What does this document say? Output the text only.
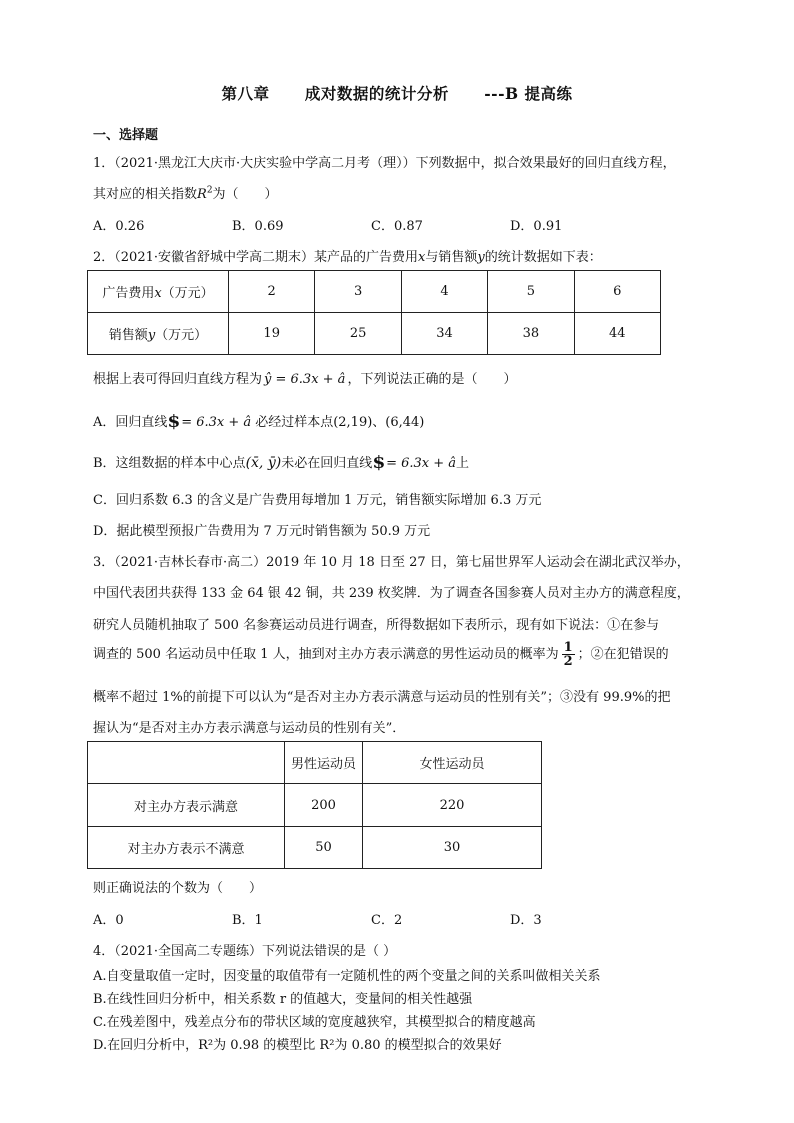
第八章 成对数据的统计分析 ---B 提高练
一、选择题
1．（2021·黑龙江大庆市·大庆实验中学高二月考（理））下列数据中，拟合效果最好的回归直线方程，
其对应的相关指数$R^2$为（　　）
A．0.26	B．0.69	C．0.87	D．0.91
2．（2021·安徽省舒城中学高二期末）某产品的广告费用x与销售额y的统计数据如下表：
广告费用x（万元）	2	3	4	5	6
销售额y（万元）	19	25	34	38	44
根据上表可得回归直线方程为 ŷ = 6.3x + â ，下列说法正确的是（　　）
A．回归直线$= 6.3x + â 必经过样本点(2,19)、(6,44)
B．这组数据的样本中心点(x̄, ȳ)未必在回归直线$= 6.3x + â上
C．回归系数 6.3 的含义是广告费用每增加 1 万元，销售额实际增加 6.3 万元
D．据此模型预报广告费用为 7 万元时销售额为 50.9 万元
3．（2021·吉林长春市·高二）2019 年 10 月 18 日至 27 日，第七届世界军人运动会在湖北武汉举办，
中国代表团共获得 133 金 64 银 42 铜，共 239 枚奖牌．为了调查各国参赛人员对主办方的满意程度，
研究人员随机抽取了 500 名参赛运动员进行调查，所得数据如下表所示，现有如下说法：①在参与
调查的 500 名运动员中任取 1 人，抽到对主办方表示满意的男性运动员的概率为 $\frac{1}{2}$ ；②在犯错误的
概率不超过 1%的前提下可以认为“是否对主办方表示满意与运动员的性别有关”；③没有 99.9%的把
握认为“是否对主办方表示满意与运动员的性别有关”．
	男性运动员	女性运动员
对主办方表示满意	200	220
对主办方表示不满意	50	30
则正确说法的个数为（　　）
A．0	B．1	C．2	D．3
4．（2021·全国高二专题练）下列说法错误的是（ ）
A.自变量取值一定时，因变量的取值带有一定随机性的两个变量之间的关系叫做相关关系
B.在线性回归分析中，相关系数 r 的值越大，变量间的相关性越强
C.在残差图中，残差点分布的带状区域的宽度越狭窄，其模型拟合的精度越高
D.在回归分析中，R²为 0.98 的模型比 R²为 0.80 的模型拟合的效果好
